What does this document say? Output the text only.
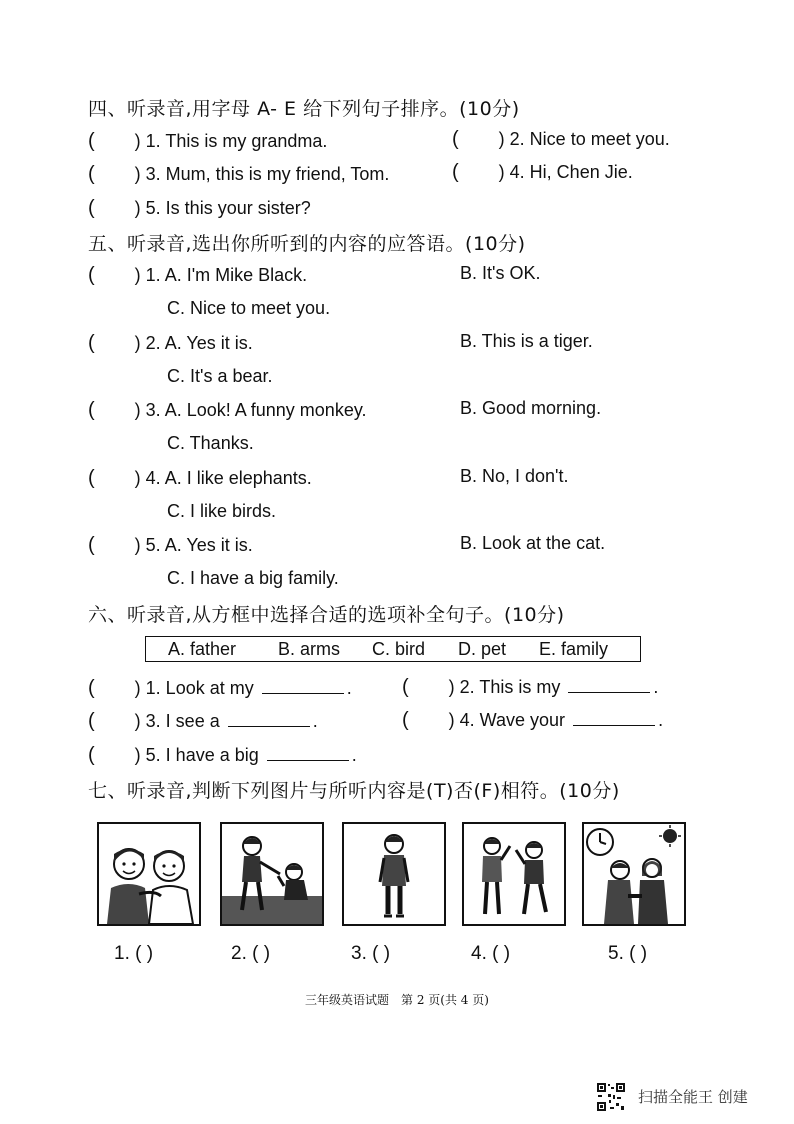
四、听录音,用字母 A- E 给下列句子排序。(10分)
( ) 1. This is my grandma.	( ) 2. Nice to meet you.
( ) 3. Mum, this is my friend, Tom.	( ) 4. Hi, Chen Jie.
( ) 5. Is this your sister?
五、听录音,选出你所听到的内容的应答语。(10分)
( ) 1. A. I'm Mike Black.	B. It's OK.
C. Nice to meet you.
( ) 2. A. Yes it is.	B. This is a tiger.
C. It's a bear.
( ) 3. A. Look! A funny monkey.	B. Good morning.
C. Thanks.
( ) 4. A. I like elephants.	B. No, I don't.
C. I like birds.
( ) 5. A. Yes it is.	B. Look at the cat.
C. I have a big family.
六、听录音,从方框中选择合适的选项补全句子。(10分)
A. father B. arms C. bird D. pet E. family
( ) 1. Look at my	.	( ) 2. This is my	.
( ) 3. I see a	.	( ) 4. Wave your	.
( ) 5. I have a big	.
七、听录音,判断下列图片与所听内容是(T)否(F)相符。(10分)
1. ( )	2. ( )	3. ( )	4. ( )	5. ( )
三年级英语试题　第 2 页(共 4 页)
扫描全能王 创建
